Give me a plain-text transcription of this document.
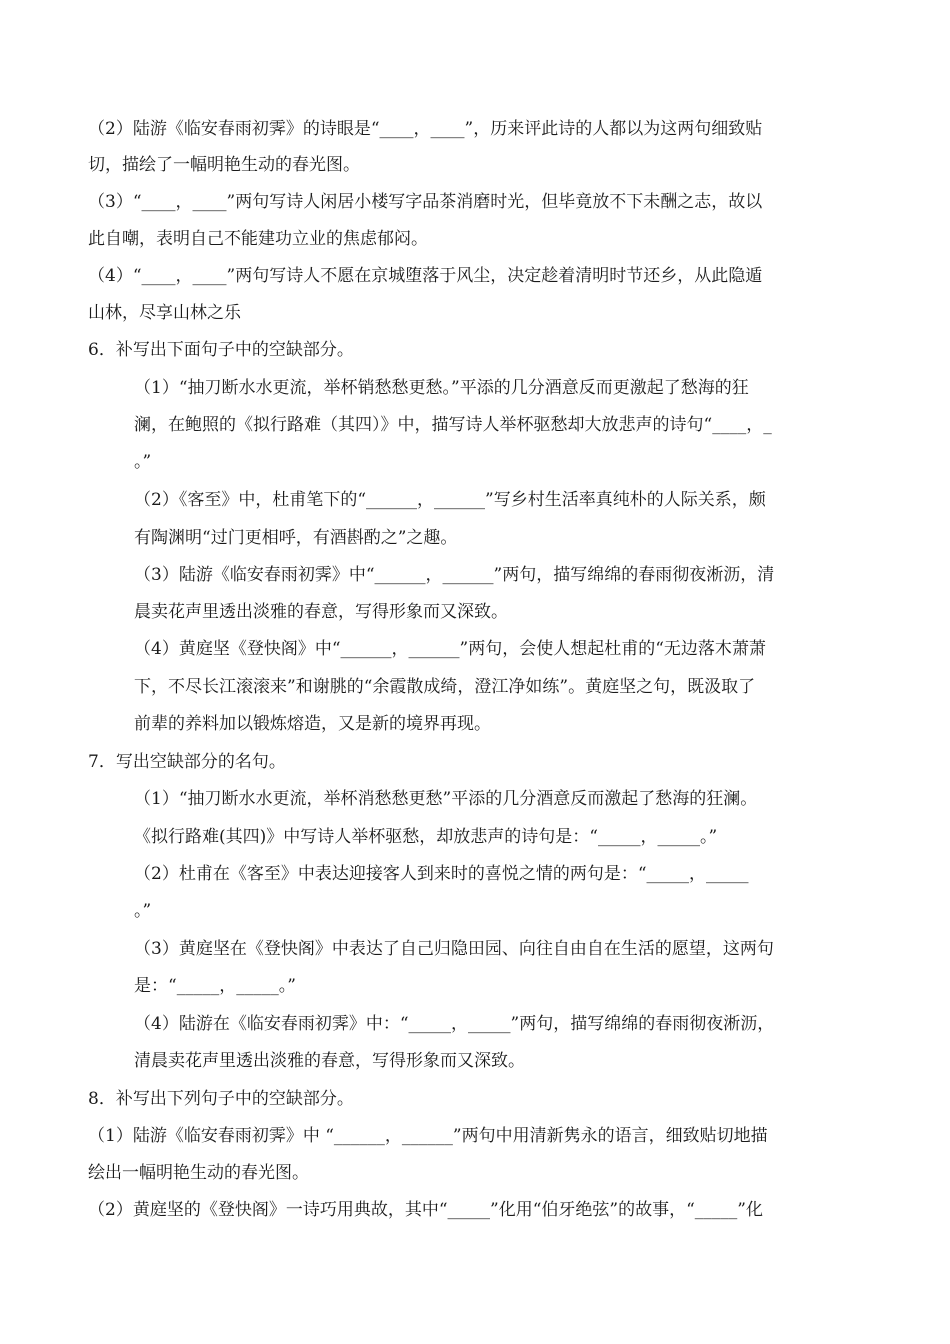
（2）陆游《临安春雨初霁》的诗眼是“____，____”，历来评此诗的人都以为这两句细致贴
切，描绘了一幅明艳生动的春光图。
（3）“____，____”两句写诗人闲居小楼写字品茶消磨时光，但毕竟放不下未酬之志，故以
此自嘲，表明自己不能建功立业的焦虑郁闷。
（4）“____，____”两句写诗人不愿在京城堕落于风尘，决定趁着清明时节还乡，从此隐遁
山林，尽享山林之乐
6．补写出下面句子中的空缺部分。
（1）“抽刀断水水更流，举杯销愁愁更愁。”平添的几分酒意反而更激起了愁海的狂
澜，在鲍照的《拟行路难（其四）》中，描写诗人举杯驱愁却大放悲声的诗句“____，_
。”
（2）《客至》中，杜甫笔下的“______，______”写乡村生活率真纯朴的人际关系，颇
有陶渊明“过门更相呼，有酒斟酌之”之趣。
（3）陆游《临安春雨初霁》中“______，______”两句，描写绵绵的春雨彻夜淅沥，清
晨卖花声里透出淡雅的春意，写得形象而又深致。
（4）黄庭坚《登快阁》中“______，______”两句，会使人想起杜甫的“无边落木萧萧
下，不尽长江滚滚来”和谢朓的“余霞散成绮，澄江净如练”。黄庭坚之句，既汲取了
前辈的养料加以锻炼熔造，又是新的境界再现。
7．写出空缺部分的名句。
（1）“抽刀断水水更流，举杯消愁愁更愁”平添的几分酒意反而激起了愁海的狂澜。
《拟行路难(其四)》中写诗人举杯驱愁，却放悲声的诗句是：“_____，_____。”
（2）杜甫在《客至》中表达迎接客人到来时的喜悦之情的两句是：“_____，_____
。”
（3）黄庭坚在《登快阁》中表达了自己归隐田园、向往自由自在生活的愿望，这两句
是：“_____，_____。”
（4）陆游在《临安春雨初霁》中：“_____，_____”两句，描写绵绵的春雨彻夜淅沥，
清晨卖花声里透出淡雅的春意，写得形象而又深致。
8．补写出下列句子中的空缺部分。
（1）陆游《临安春雨初霁》中 “______，______”两句中用清新隽永的语言，细致贴切地描
绘出一幅明艳生动的春光图。
（2）黄庭坚的《登快阁》一诗巧用典故，其中“_____”化用“伯牙绝弦”的故事，“_____”化
